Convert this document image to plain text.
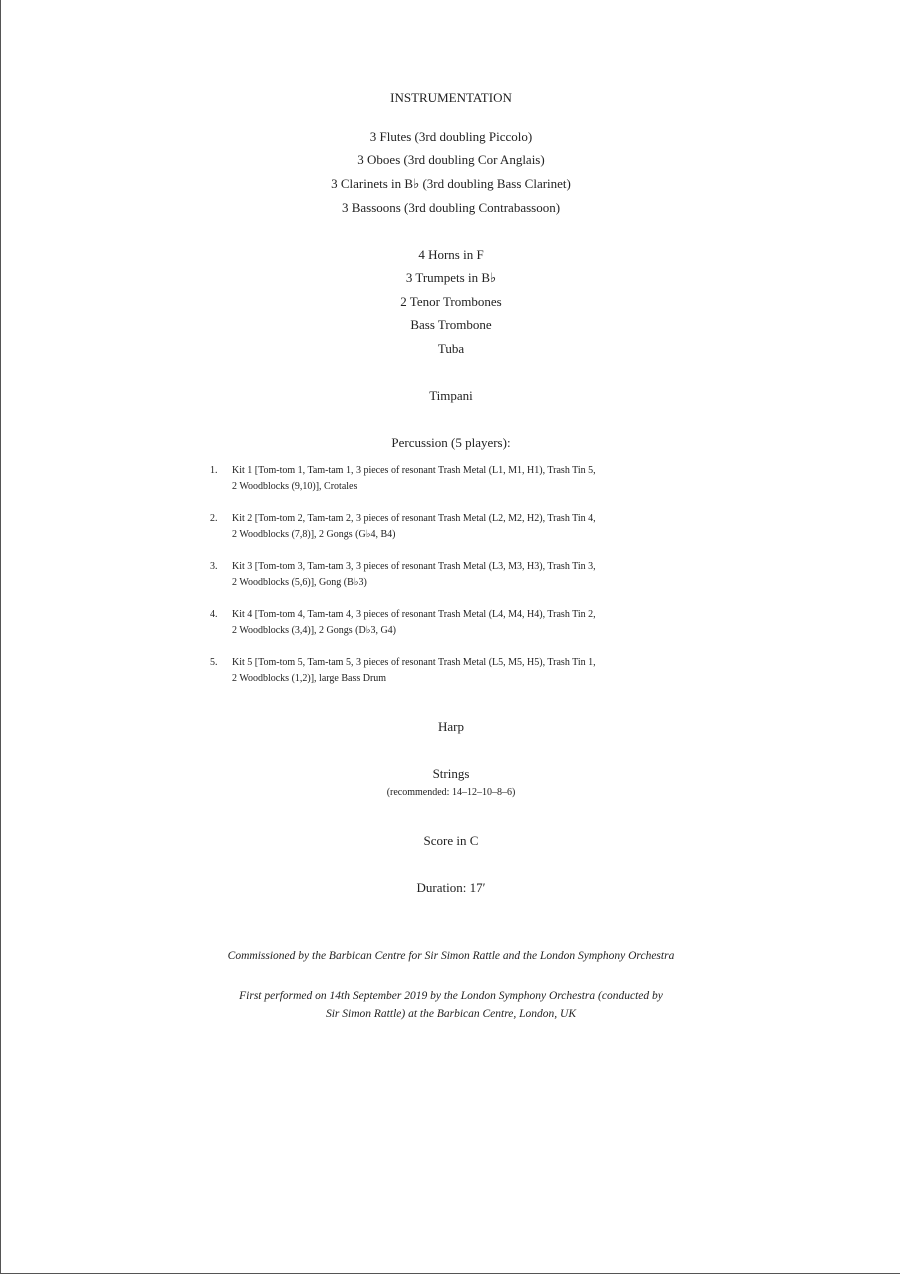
INSTRUMENTATION
3 Flutes (3rd doubling Piccolo)
3 Oboes (3rd doubling Cor Anglais)
3 Clarinets in B♭ (3rd doubling Bass Clarinet)
3 Bassoons (3rd doubling Contrabassoon)
4 Horns in F
3 Trumpets in B♭
2 Tenor Trombones
Bass Trombone
Tuba
Timpani
Percussion (5 players):
1. Kit 1 [Tom-tom 1, Tam-tam 1, 3 pieces of resonant Trash Metal (L1, M1, H1), Trash Tin 5,
2 Woodblocks (9,10)], Crotales
2. Kit 2 [Tom-tom 2, Tam-tam 2, 3 pieces of resonant Trash Metal (L2, M2, H2), Trash Tin 4,
2 Woodblocks (7,8)], 2 Gongs (G♭4, B4)
3. Kit 3 [Tom-tom 3, Tam-tam 3, 3 pieces of resonant Trash Metal (L3, M3, H3), Trash Tin 3,
2 Woodblocks (5,6)], Gong (B♭3)
4. Kit 4 [Tom-tom 4, Tam-tam 4, 3 pieces of resonant Trash Metal (L4, M4, H4), Trash Tin 2,
2 Woodblocks (3,4)], 2 Gongs (D♭3, G4)
5. Kit 5 [Tom-tom 5, Tam-tam 5, 3 pieces of resonant Trash Metal (L5, M5, H5), Trash Tin 1,
2 Woodblocks (1,2)], large Bass Drum
Harp
Strings
(recommended: 14–12–10–8–6)
Score in C
Duration: 17′
Commissioned by the Barbican Centre for Sir Simon Rattle and the London Symphony Orchestra
First performed on 14th September 2019 by the London Symphony Orchestra (conducted by
Sir Simon Rattle) at the Barbican Centre, London, UK
